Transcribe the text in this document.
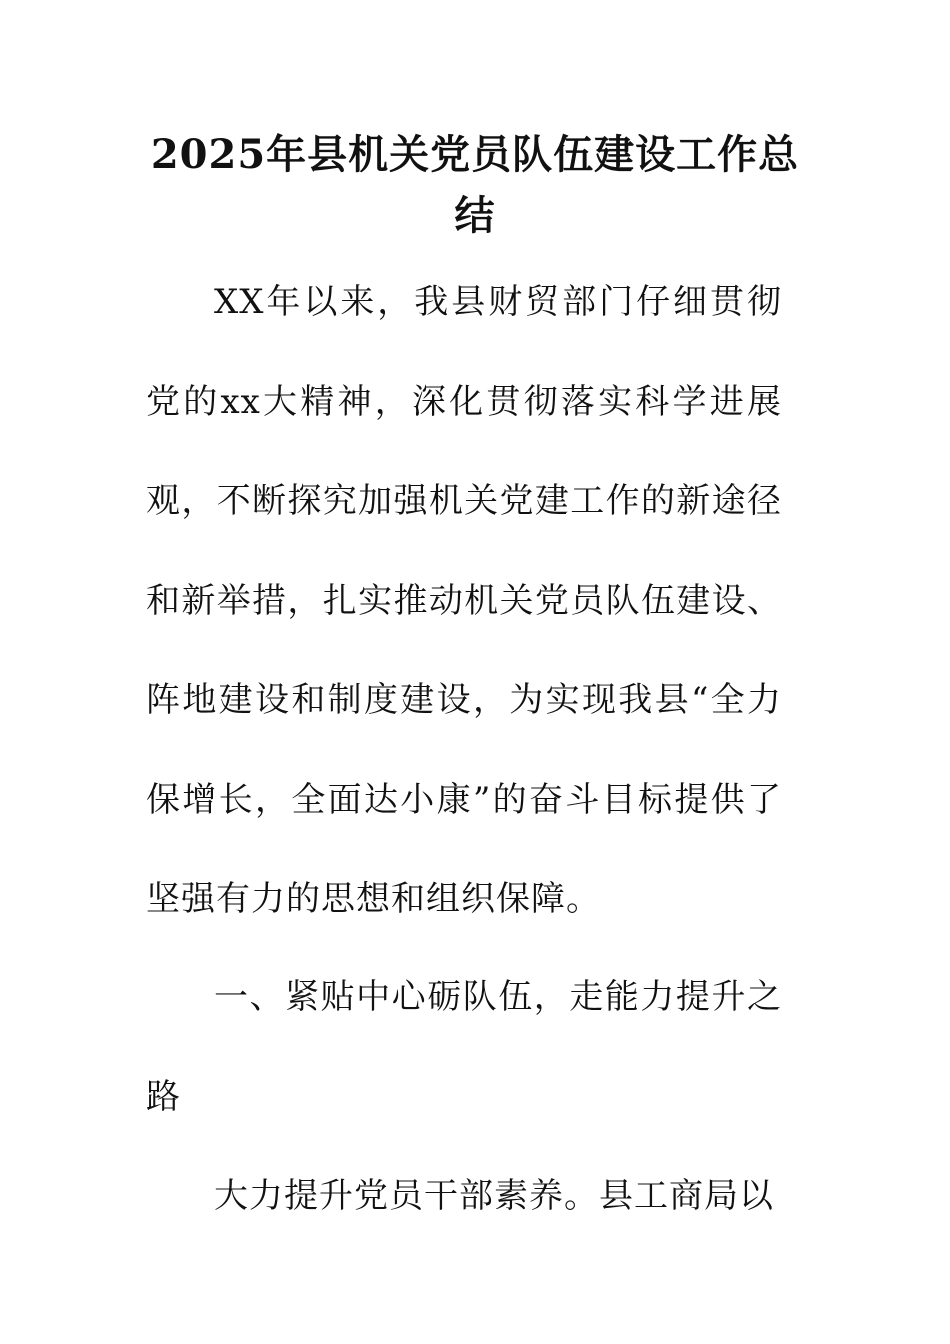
2025年县机关党员队伍建设工作总结

XX年以来，我县财贸部门仔细贯彻党的xx大精神，深化贯彻落实科学进展观，不断探究加强机关党建工作的新途径和新举措，扎实推动机关党员队伍建设、阵地建设和制度建设，为实现我县“全力保增长，全面达小康”的奋斗目标提供了坚强有力的思想和组织保障。

一、紧贴中心砺队伍，走能力提升之路

大力提升党员干部素养。县工商局以
